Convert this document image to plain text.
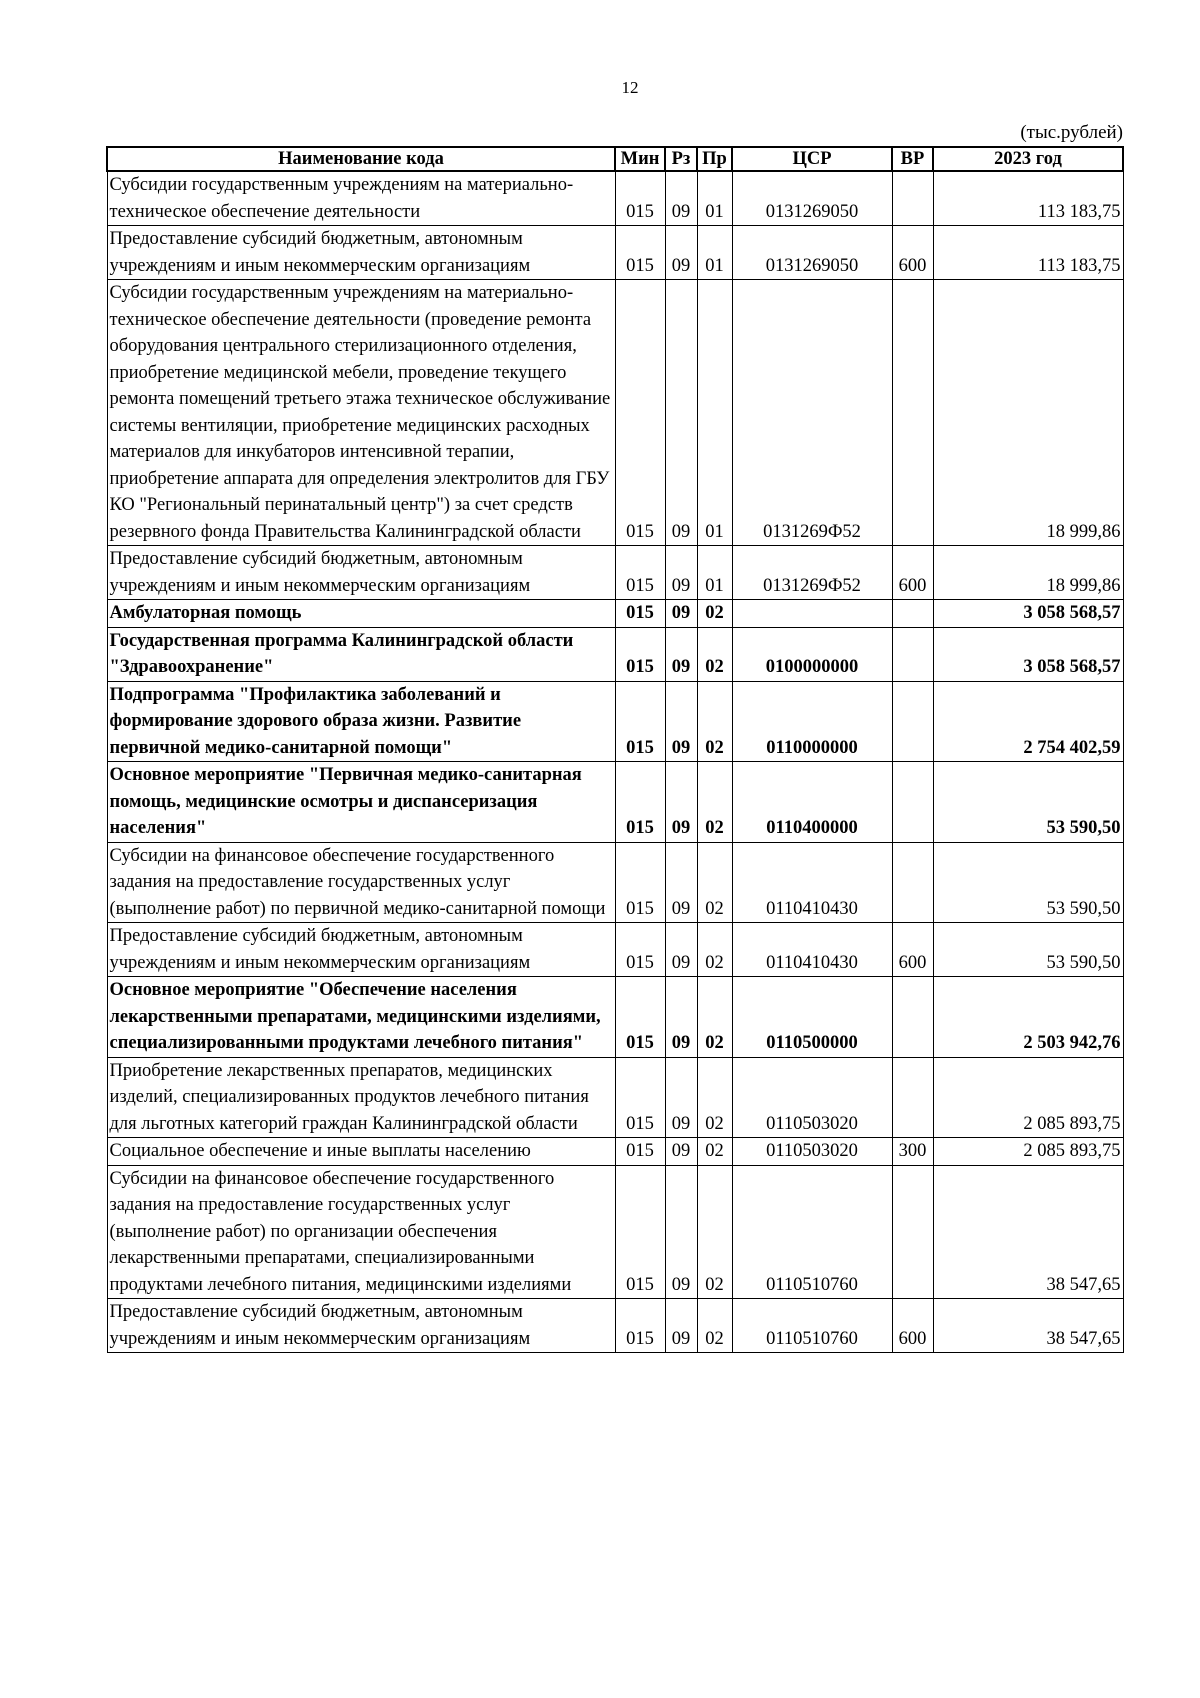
12
(тыс.рублей)
Наименование кода	Мин	Рз	Пр	ЦСР	ВР	2023 год
Субсидии государственным учреждениям на материально-техническое обеспечение деятельности	015	09	01	0131269050		113 183,75
Предоставление субсидий бюджетным, автономным учреждениям и иным некоммерческим организациям	015	09	01	0131269050	600	113 183,75
Субсидии государственным учреждениям на материально-техническое обеспечение деятельности (проведение ремонта оборудования центрального стерилизационного отделения, приобретение медицинской мебели, проведение текущего ремонта помещений третьего этажа техническое обслуживание системы вентиляции, приобретение медицинских расходных материалов для инкубаторов интенсивной терапии, приобретение аппарата для определения электролитов для ГБУ КО "Региональный перинатальный центр") за счет средств резервного фонда Правительства Калининградской области	015	09	01	0131269Ф52		18 999,86
Предоставление субсидий бюджетным, автономным учреждениям и иным некоммерческим организациям	015	09	01	0131269Ф52	600	18 999,86
Амбулаторная помощь	015	09	02			3 058 568,57
Государственная программа Калининградской области "Здравоохранение"	015	09	02	0100000000		3 058 568,57
Подпрограмма "Профилактика заболеваний и формирование здорового образа жизни. Развитие первичной медико-санитарной помощи"	015	09	02	0110000000		2 754 402,59
Основное мероприятие "Первичная медико-санитарная помощь, медицинские осмотры и диспансеризация населения"	015	09	02	0110400000		53 590,50
Субсидии на финансовое обеспечение государственного задания на предоставление государственных услуг (выполнение работ) по первичной медико-санитарной помощи	015	09	02	0110410430		53 590,50
Предоставление субсидий бюджетным, автономным учреждениям и иным некоммерческим организациям	015	09	02	0110410430	600	53 590,50
Основное мероприятие "Обеспечение населения лекарственными препаратами, медицинскими изделиями, специализированными продуктами лечебного питания"	015	09	02	0110500000		2 503 942,76
Приобретение лекарственных препаратов, медицинских изделий, специализированных продуктов лечебного питания для льготных категорий граждан Калининградской области	015	09	02	0110503020		2 085 893,75
Социальное обеспечение и иные выплаты населению	015	09	02	0110503020	300	2 085 893,75
Субсидии на финансовое обеспечение государственного задания на предоставление государственных услуг (выполнение работ) по организации обеспечения лекарственными препаратами, специализированными продуктами лечебного питания, медицинскими изделиями	015	09	02	0110510760		38 547,65
Предоставление субсидий бюджетным, автономным учреждениям и иным некоммерческим организациям	015	09	02	0110510760	600	38 547,65
